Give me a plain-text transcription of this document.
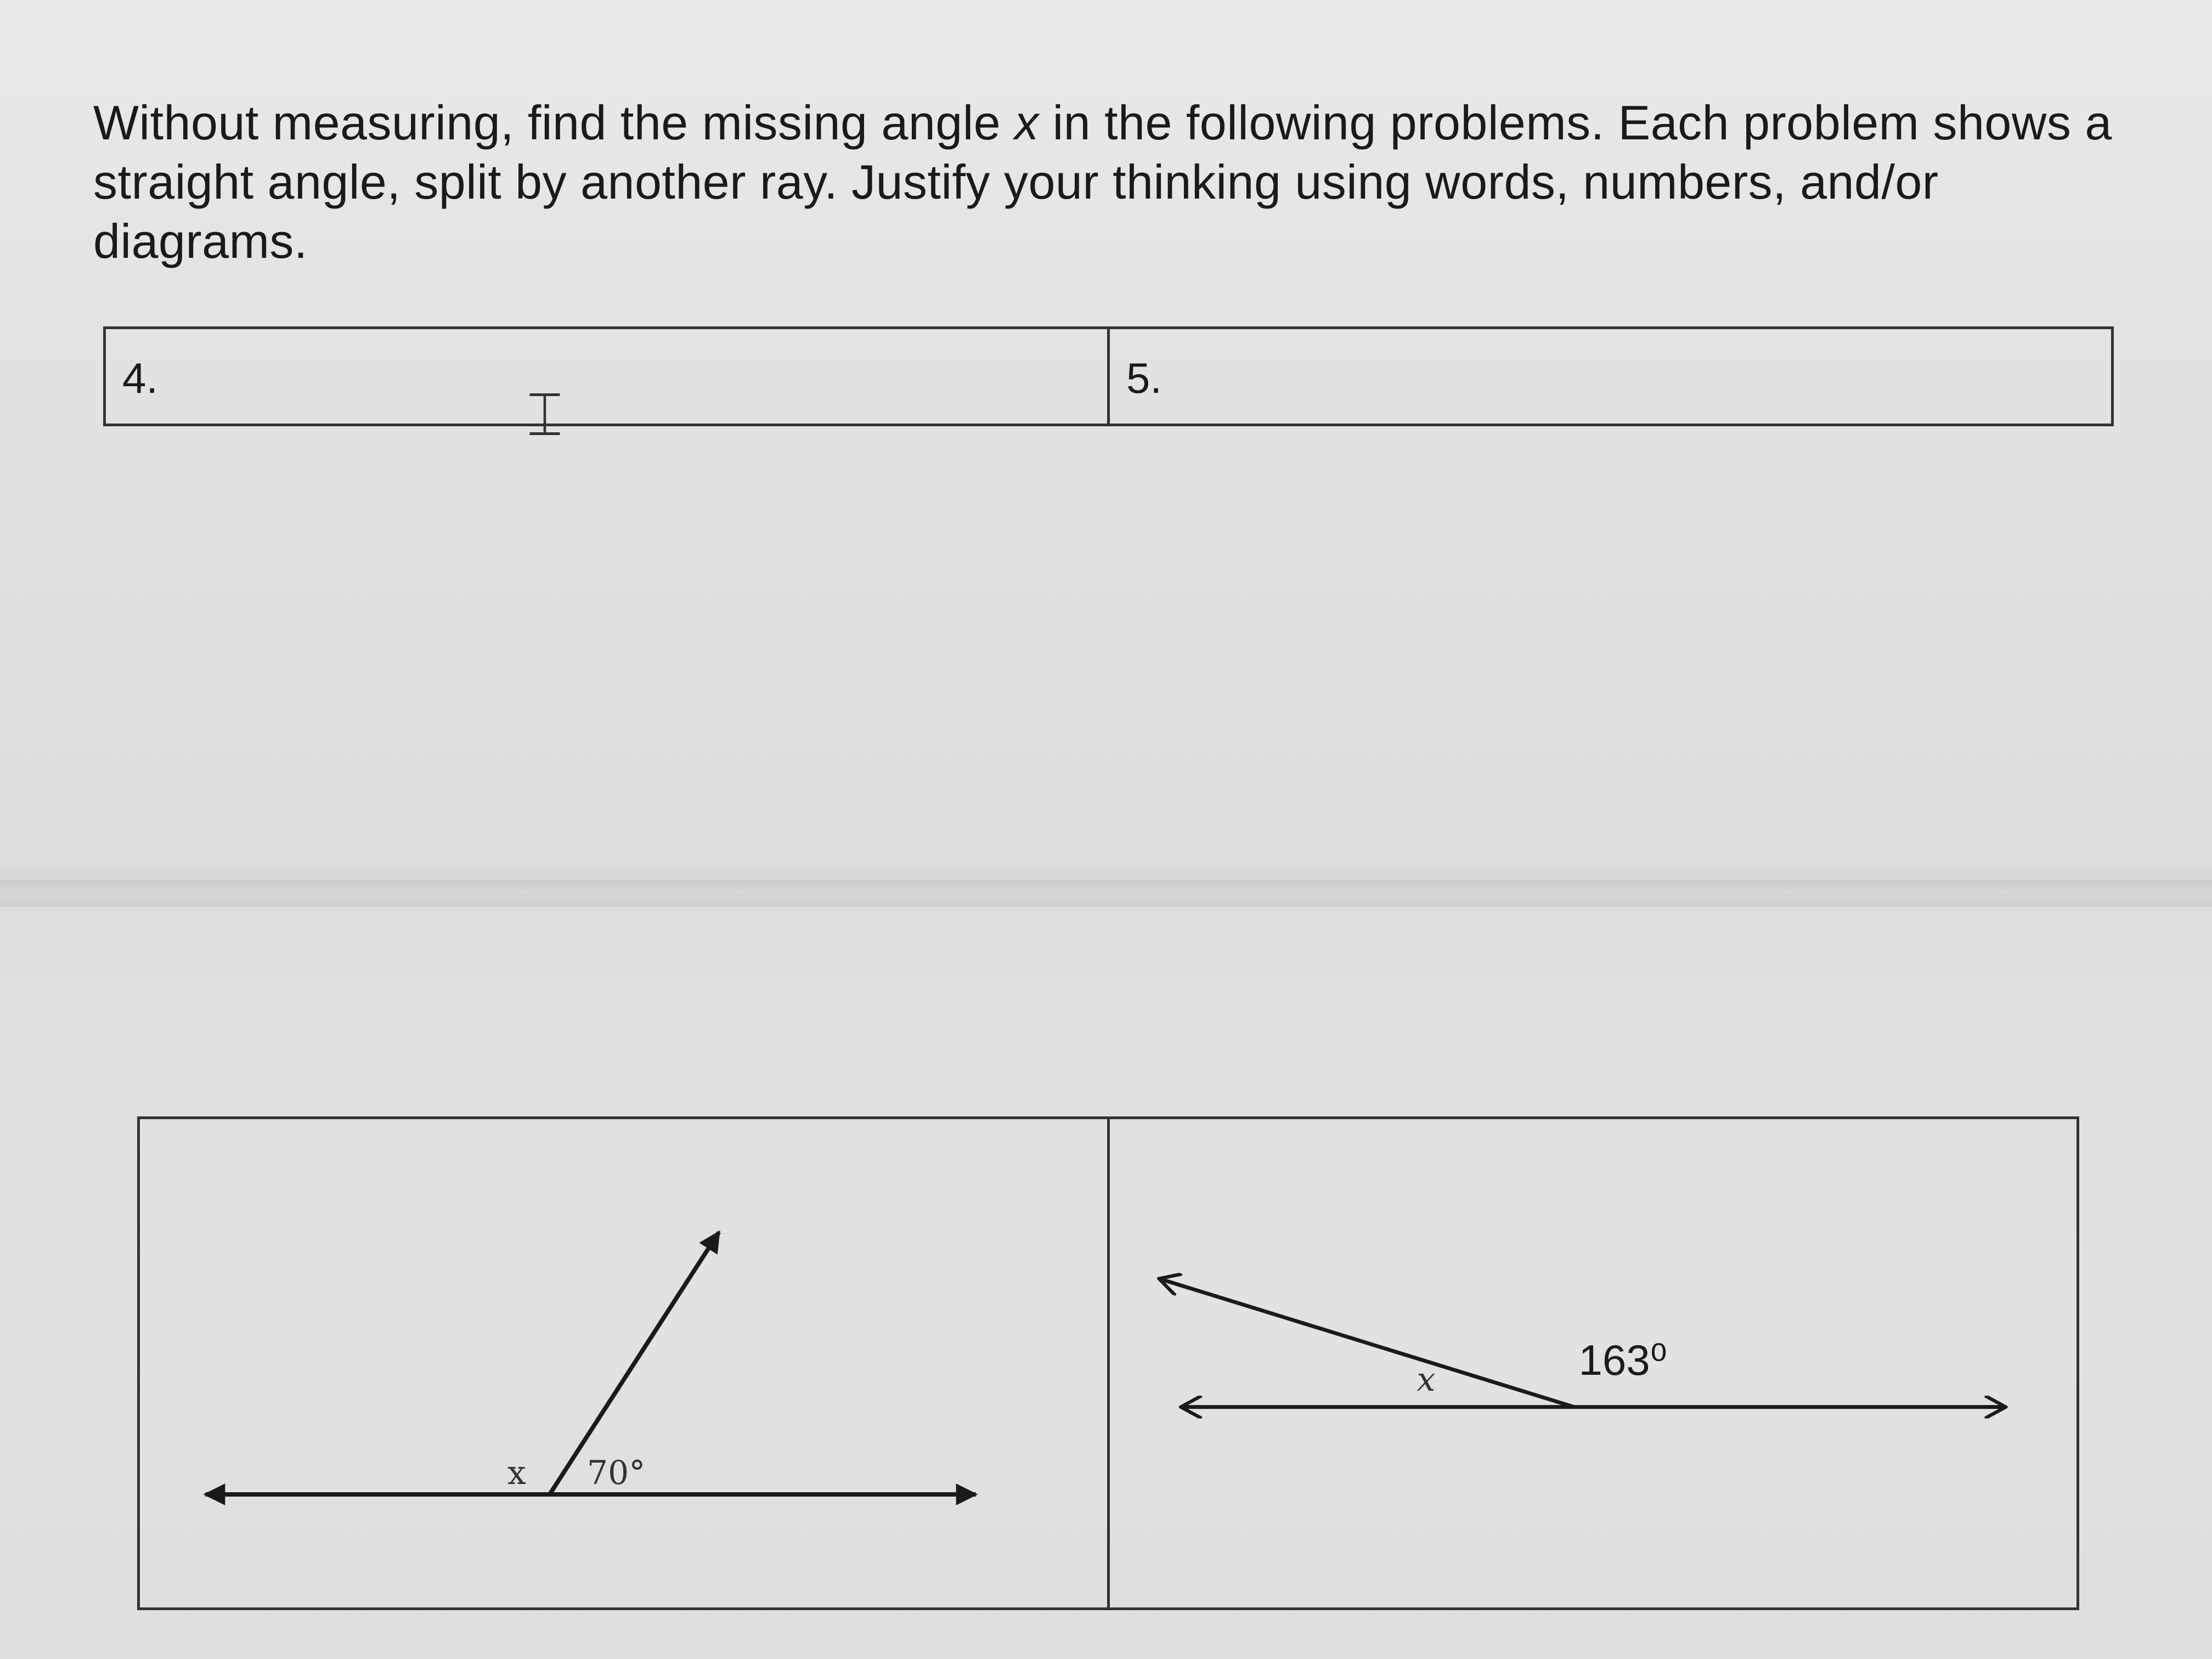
Without measuring, find the missing angle x in the following problems. Each problem shows a straight angle, split by another ray. Justify your thinking using words, numbers, and/or diagrams.

4.	5.
⌶
x 70°
x	163⁰
